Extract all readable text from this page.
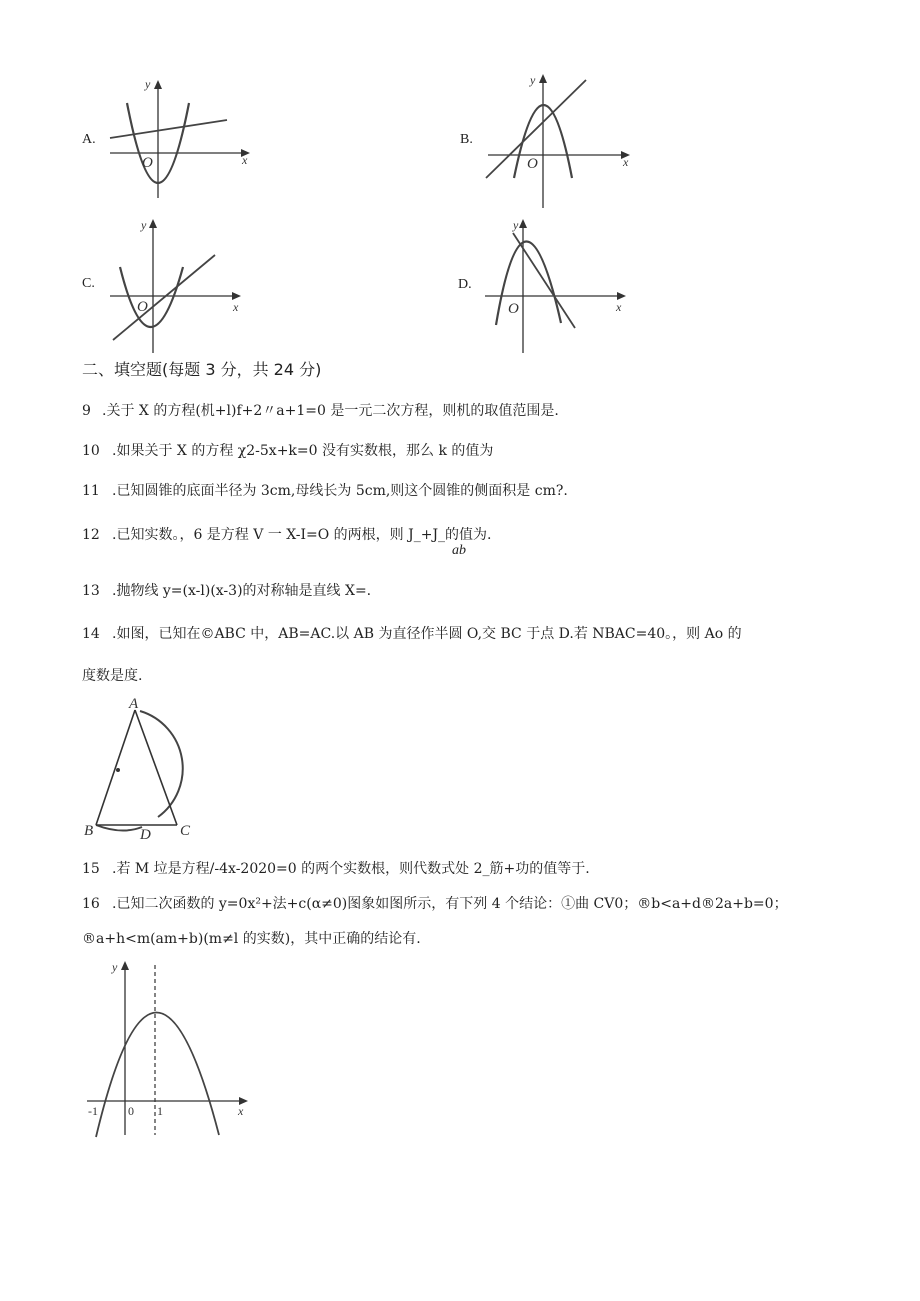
A.
x
y
O
B.
x
y
O
C.
x
y
O
D.
x
y
O
二、填空题(每题 3 分，共 24 分)
9 .关于 X 的方程(机+l)f+2〃a+1=0 是一元二次方程，则机的取值范围是.
10 .如果关于 X 的方程 χ2-5x+k=0 没有实数根，那么 k 的值为
11 .已知圆锥的底面半径为 3cm,母线长为 5cm,则这个圆锥的侧面积是 cm?.
12 .已知实数。，6 是方程 V 一 X-I=O 的两根，则 J_+J_的值为.
ab
13 .抛物线 y=(x-l)(x-3)的对称轴是直线 X=.
14 .如图，已知在©ABC 中，AB=AC.以 AB 为直径作半圆 O,交 BC 于点 D.若 NBAC=40。，则 Ao 的
度数是度.
A
B	C
D
15 .若 M 垃是方程/-4x-2020=0 的两个实数根，则代数式处 2_筋+功的值等于.
16 .已知二次函数的 y=0x²+法+c(α≠0)图象如图所示，有下列 4 个结论：①曲 CV0；®b<a+d®2a+b=0；
®a+h<m(am+b)(m≠l 的实数)，其中正确的结论有.
y
x
-1	0 1
